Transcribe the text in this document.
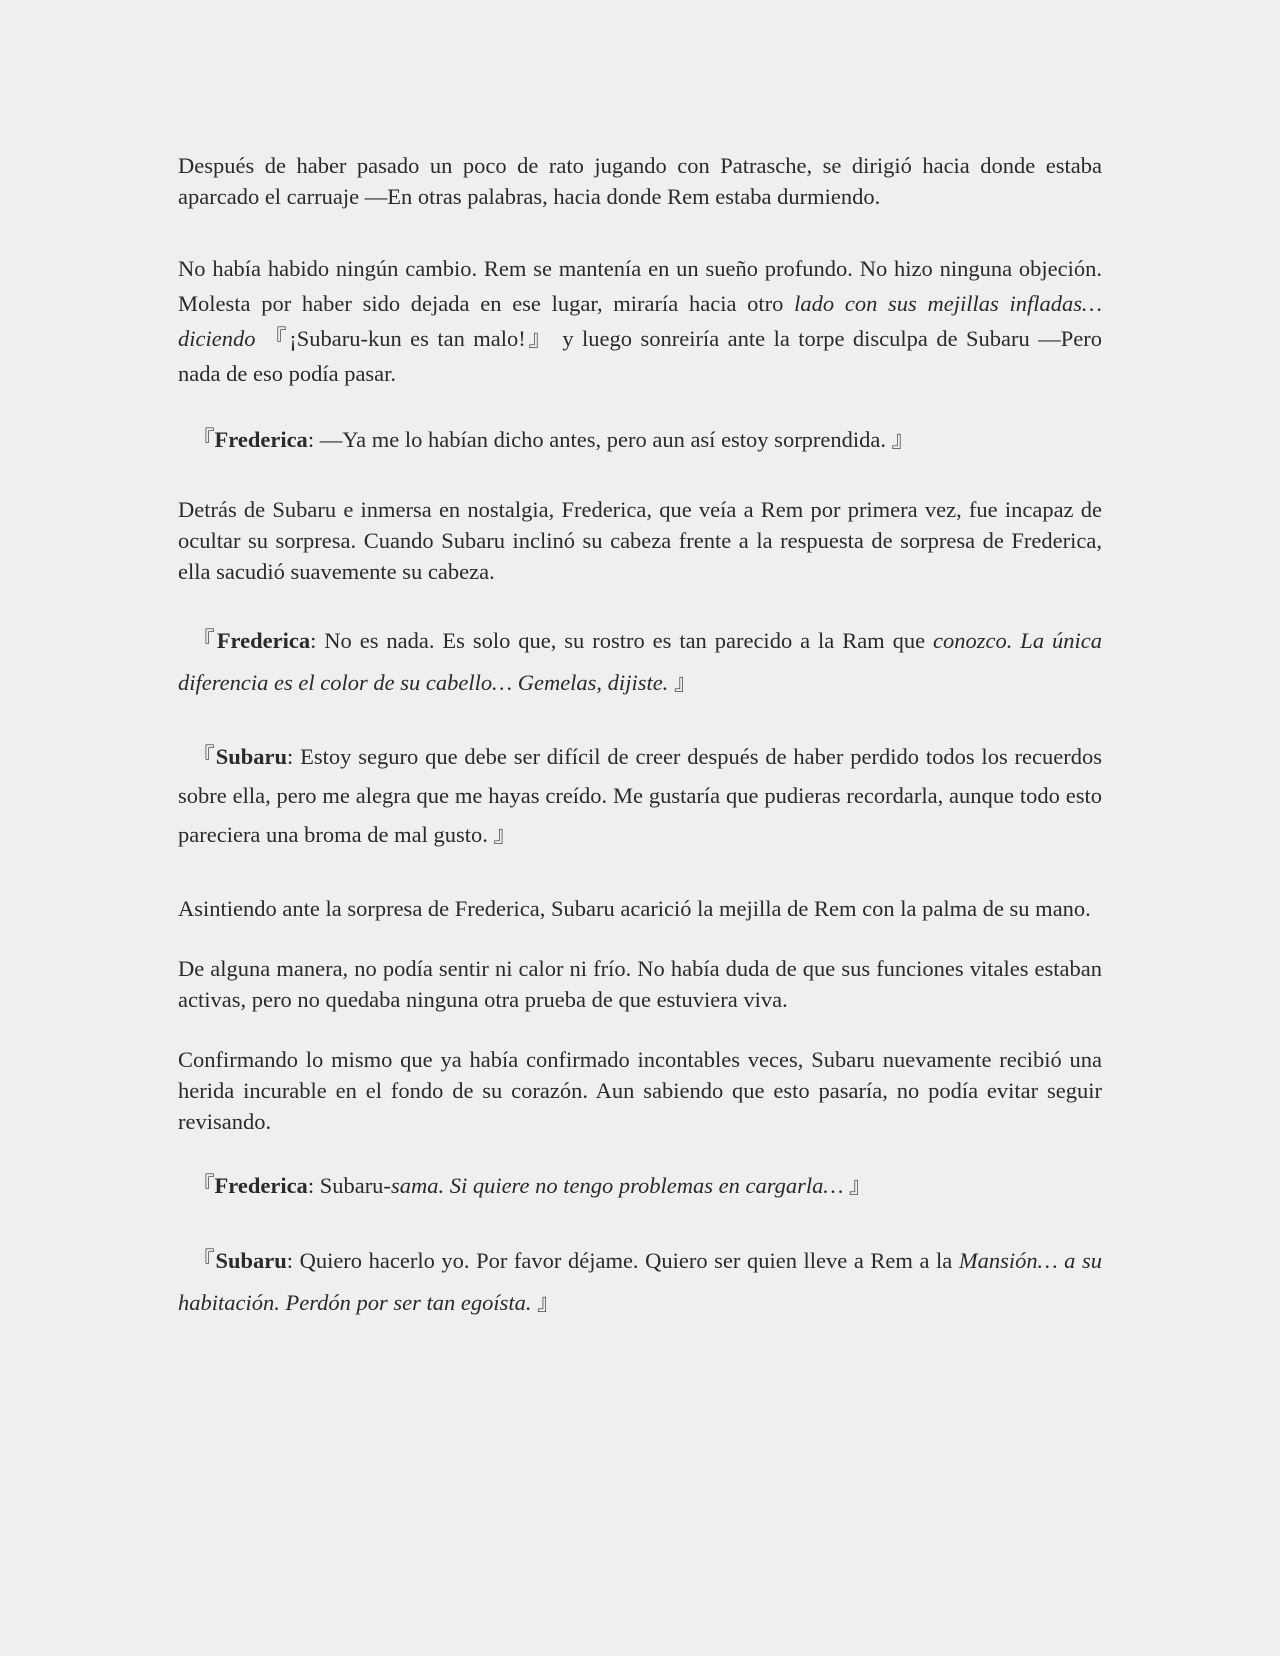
Después de haber pasado un poco de rato jugando con Patrasche, se dirigió hacia donde estaba aparcado el carruaje —En otras palabras, hacia donde Rem estaba durmiendo.

No había habido ningún cambio. Rem se mantenía en un sueño profundo. No hizo ninguna objeción. Molesta por haber sido dejada en ese lugar, miraría hacia otro lado con sus mejillas infladas… diciendo 『¡Subaru-kun es tan malo!』 y luego sonreiría ante la torpe disculpa de Subaru —Pero nada de eso podía pasar.

『Frederica: —Ya me lo habían dicho antes, pero aun así estoy sorprendida. 』

Detrás de Subaru e inmersa en nostalgia, Frederica, que veía a Rem por primera vez, fue incapaz de ocultar su sorpresa. Cuando Subaru inclinó su cabeza frente a la respuesta de sorpresa de Frederica, ella sacudió suavemente su cabeza.

『Frederica: No es nada. Es solo que, su rostro es tan parecido a la Ram que conozco. La única diferencia es el color de su cabello… Gemelas, dijiste. 』

『Subaru: Estoy seguro que debe ser difícil de creer después de haber perdido todos los recuerdos sobre ella, pero me alegra que me hayas creído. Me gustaría que pudieras recordarla, aunque todo esto pareciera una broma de mal gusto. 』

Asintiendo ante la sorpresa de Frederica, Subaru acarició la mejilla de Rem con la palma de su mano.

De alguna manera, no podía sentir ni calor ni frío. No había duda de que sus funciones vitales estaban activas, pero no quedaba ninguna otra prueba de que estuviera viva.

Confirmando lo mismo que ya había confirmado incontables veces, Subaru nuevamente recibió una herida incurable en el fondo de su corazón. Aun sabiendo que esto pasaría, no podía evitar seguir revisando.

『Frederica: Subaru-sama. Si quiere no tengo problemas en cargarla… 』

『Subaru: Quiero hacerlo yo. Por favor déjame. Quiero ser quien lleve a Rem a la Mansión… a su habitación. Perdón por ser tan egoísta. 』
